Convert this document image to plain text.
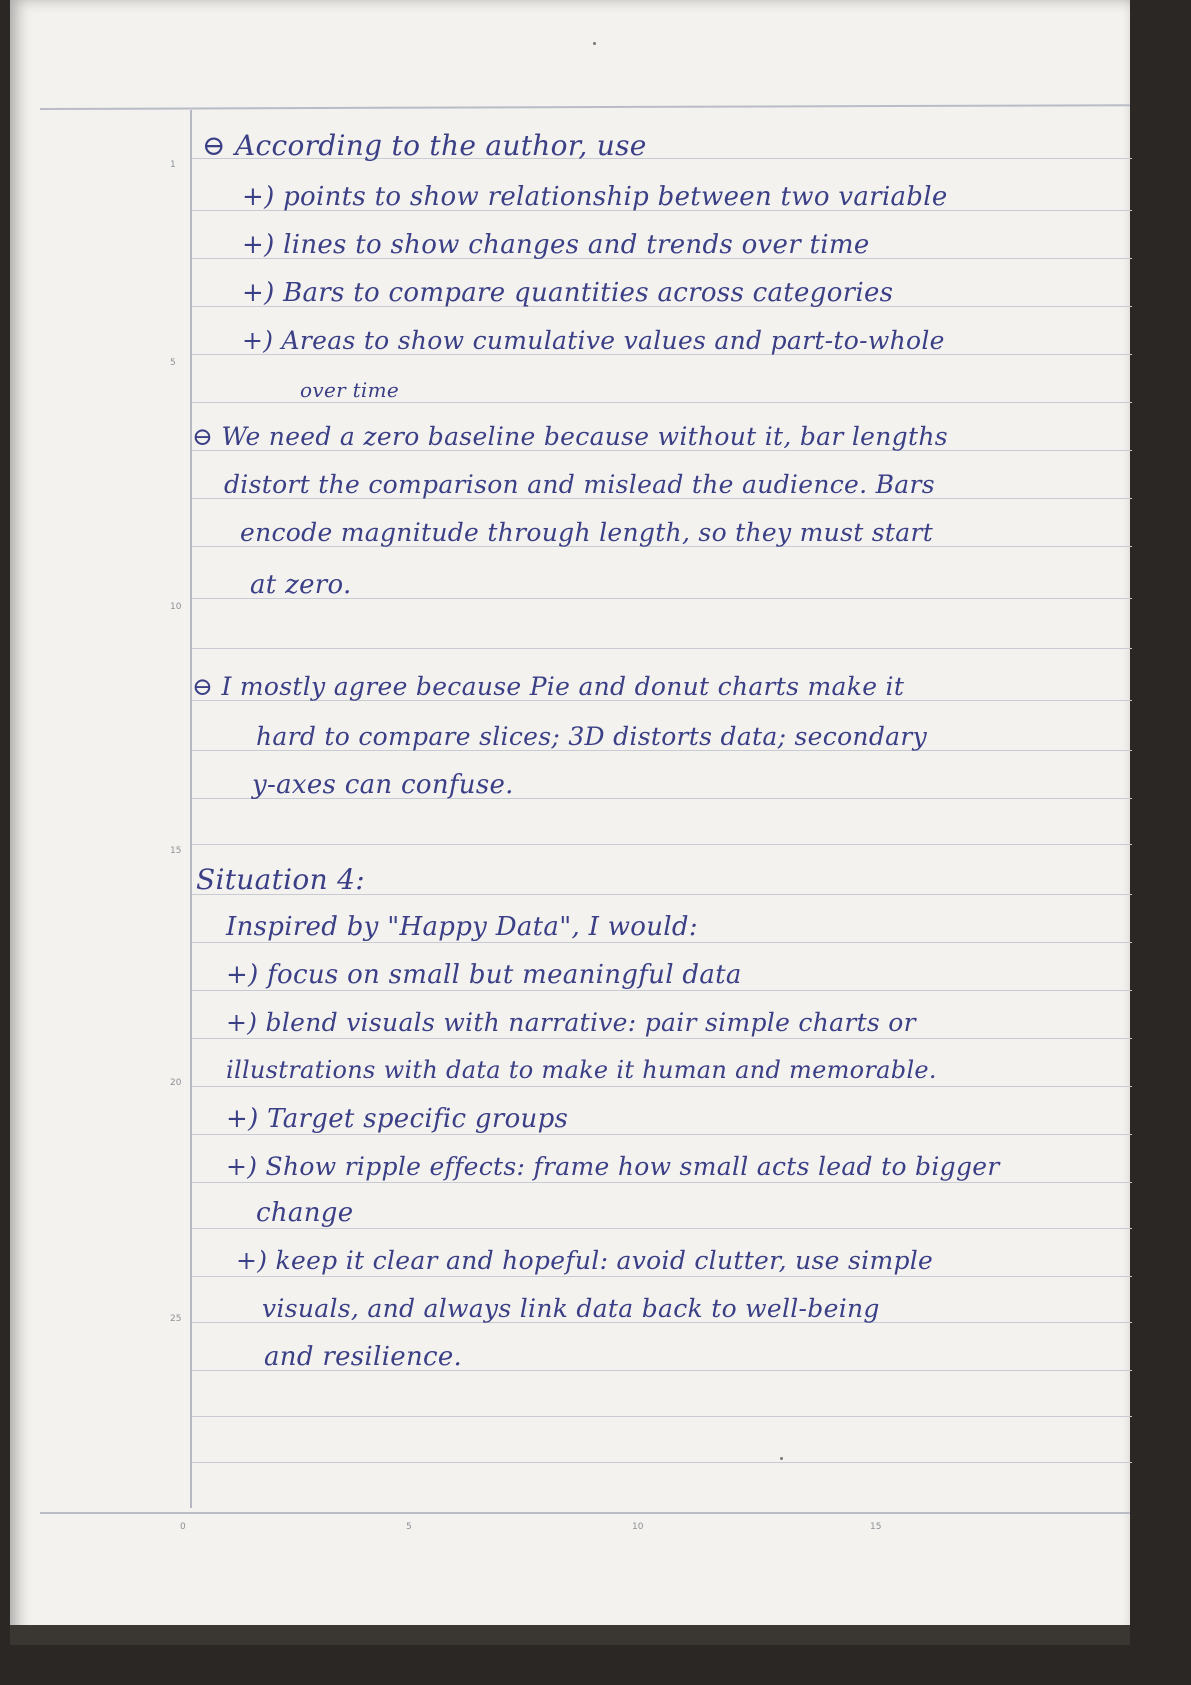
1
5
10
15
20
25
0	5	10	15
⊖ According to the author, use
+) points to show relationship between two variable
+) lines to show changes and trends over time
+) Bars to compare quantities across categories
+) Areas to show cumulative values and part-to-whole
over time
⊖ We need a zero baseline because without it, bar lengths
distort the comparison and mislead the audience. Bars
encode magnitude through length, so they must start
at zero.
⊖ I mostly agree because Pie and donut charts make it
hard to compare slices; 3D distorts data; secondary
y-axes can confuse.
Situation 4:
Inspired by "Happy Data", I would:
+) focus on small but meaningful data
+) blend visuals with narrative: pair simple charts or
illustrations with data to make it human and memorable.
+) Target specific groups
+) Show ripple effects: frame how small acts lead to bigger
change
+) keep it clear and hopeful: avoid clutter, use simple
visuals, and always link data back to well-being
and resilience.
